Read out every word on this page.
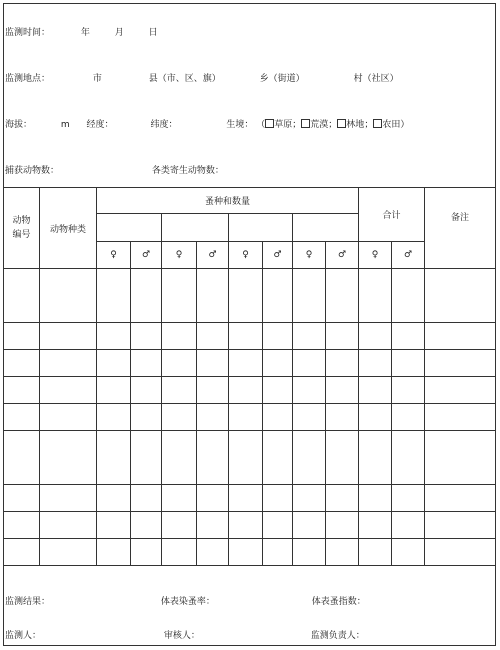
监测时间：	年	月	日
监测地点：	市	县（市、区、旗）	乡（街道）	村（社区）
海拔：	m 经度：	纬度：	生境： （ 草原； 荒漠； 林地； 农田）
捕获动物数：	各类寄生动物数：
动物
编号	动物种类	蚤种和数量								合计		备注

		♀	♂	♀	♂	♀	♂	♀	♂	♀	♂	

监测结果：	体表染蚤率：	体表蚤指数：
监测人：	审核人：	监测负责人：
